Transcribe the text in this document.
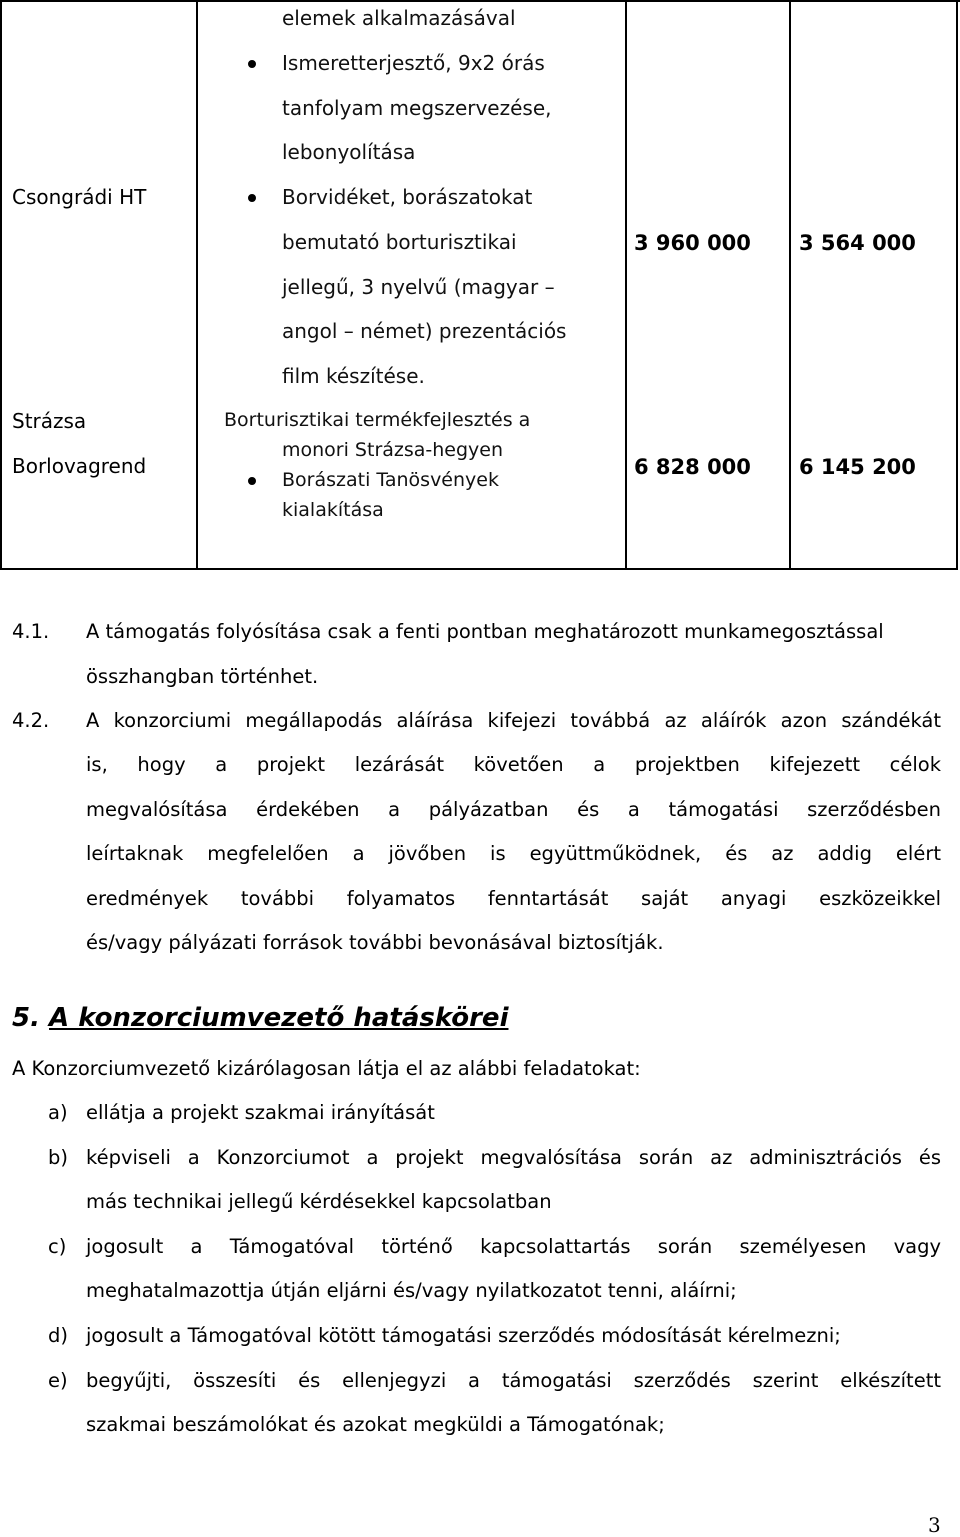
Csongrádi HT
elemek alkalmazásával
Ismeretterjesztő, 9x2 órás
tanfolyam megszervezése,
lebonyolítása
Borvidéket, borászatokat
bemutató borturisztikai
jellegű, 3 nyelvű (magyar –
angol – német) prezentációs
film készítése.
3 960 000 3 564 000
Strázsa
Borlovagrend
Borturisztikai termékfejlesztés a
monori Strázsa-hegyen
Borászati Tanösvények
kialakítása
6 828 000 6 145 200
4.1. A támogatás folyósítása csak a fenti pontban meghatározott munkamegosztással
összhangban történhet.
4.2. A konzorciumi megállapodás aláírása kifejezi továbbá az aláírók azon szándékát
is, hogy a projekt lezárását követően a projektben kifejezett célok
megvalósítása érdekében a pályázatban és a támogatási szerződésben
leírtaknak megfelelően a jövőben is együttműködnek, és az addig elért
eredmények további folyamatos fenntartását saját anyagi eszközeikkel
és/vagy pályázati források további bevonásával biztosítják.
5. A konzorciumvezető hatáskörei
A Konzorciumvezető kizárólagosan látja el az alábbi feladatokat:
a) ellátja a projekt szakmai irányítását
b) képviseli a Konzorciumot a projekt megvalósítása során az adminisztrációs és
más technikai jellegű kérdésekkel kapcsolatban
c) jogosult a Támogatóval történő kapcsolattartás során személyesen vagy
meghatalmazottja útján eljárni és/vagy nyilatkozatot tenni, aláírni;
d) jogosult a Támogatóval kötött támogatási szerződés módosítását kérelmezni;
e) begyűjti, összesíti és ellenjegyzi a támogatási szerződés szerint elkészített
szakmai beszámolókat és azokat megküldi a Támogatónak;
3
